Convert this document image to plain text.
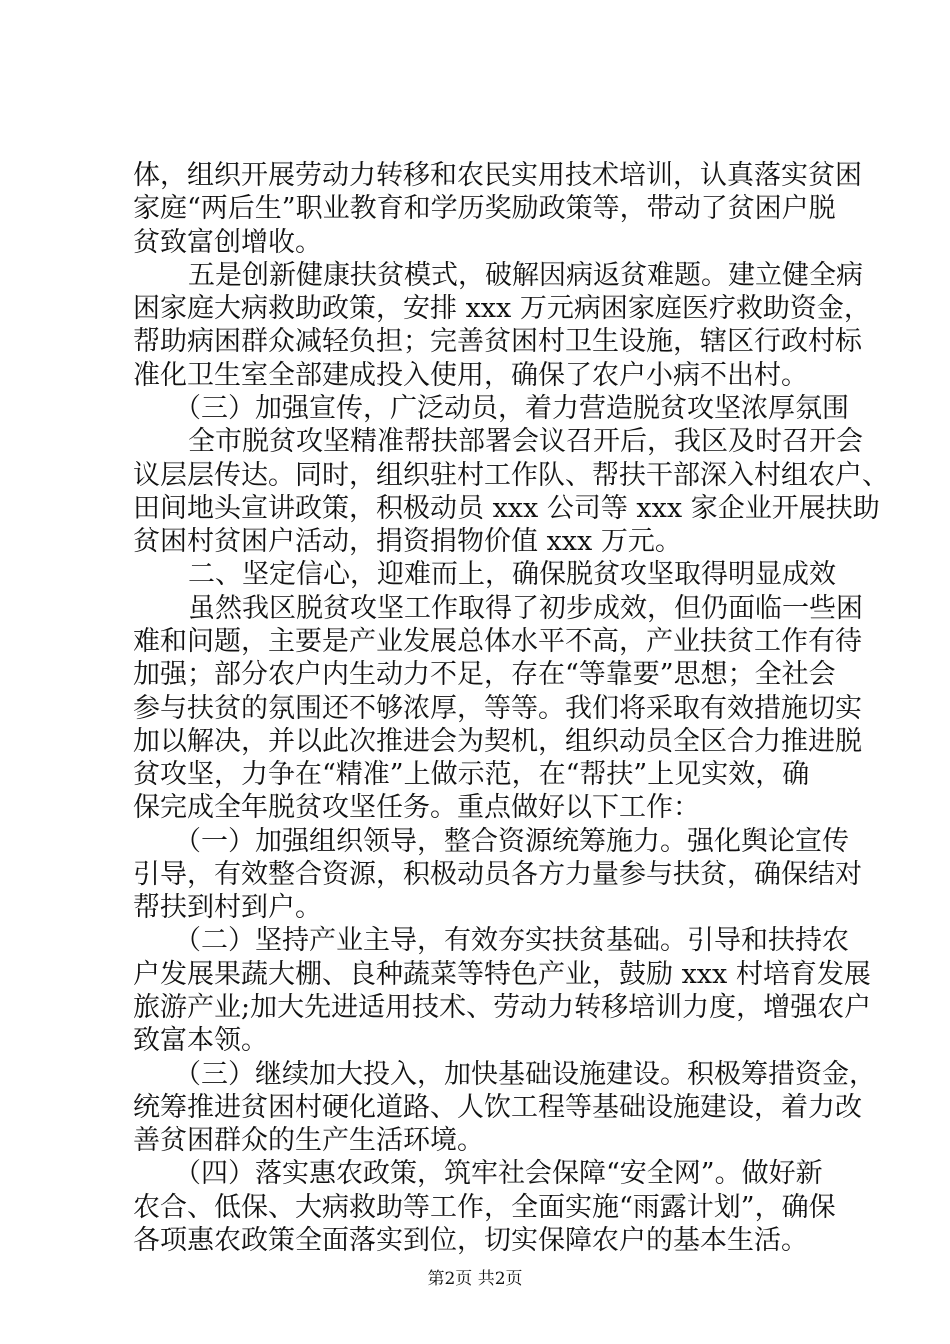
体，组织开展劳动力转移和农民实用技术培训，认真落实贫困
家庭“两后生”职业教育和学历奖励政策等，带动了贫困户脱
贫致富创增收。
五是创新健康扶贫模式，破解因病返贫难题。建立健全病
困家庭大病救助政策，安排 xxx 万元病困家庭医疗救助资金，
帮助病困群众减轻负担；完善贫困村卫生设施，辖区行政村标
准化卫生室全部建成投入使用，确保了农户小病不出村。
（三）加强宣传，广泛动员，着力营造脱贫攻坚浓厚氛围
全市脱贫攻坚精准帮扶部署会议召开后，我区及时召开会
议层层传达。同时，组织驻村工作队、帮扶干部深入村组农户、
田间地头宣讲政策，积极动员 xxx 公司等 xxx 家企业开展扶助
贫困村贫困户活动，捐资捐物价值 xxx 万元。
二、坚定信心，迎难而上，确保脱贫攻坚取得明显成效
虽然我区脱贫攻坚工作取得了初步成效，但仍面临一些困
难和问题，主要是产业发展总体水平不高，产业扶贫工作有待
加强；部分农户内生动力不足，存在“等靠要”思想；全社会
参与扶贫的氛围还不够浓厚，等等。我们将采取有效措施切实
加以解决，并以此次推进会为契机，组织动员全区合力推进脱
贫攻坚，力争在“精准”上做示范，在“帮扶”上见实效，确
保完成全年脱贫攻坚任务。重点做好以下工作：
（一）加强组织领导，整合资源统筹施力。强化舆论宣传
引导，有效整合资源，积极动员各方力量参与扶贫，确保结对
帮扶到村到户。
（二）坚持产业主导，有效夯实扶贫基础。引导和扶持农
户发展果蔬大棚、良种蔬菜等特色产业，鼓励 xxx 村培育发展
旅游产业;加大先进适用技术、劳动力转移培训力度，增强农户
致富本领。
（三）继续加大投入，加快基础设施建设。积极筹措资金，
统筹推进贫困村硬化道路、人饮工程等基础设施建设，着力改
善贫困群众的生产生活环境。
（四）落实惠农政策，筑牢社会保障“安全网”。做好新
农合、低保、大病救助等工作，全面实施“雨露计划”，确保
各项惠农政策全面落实到位，切实保障农户的基本生活。
第2页 共2页
